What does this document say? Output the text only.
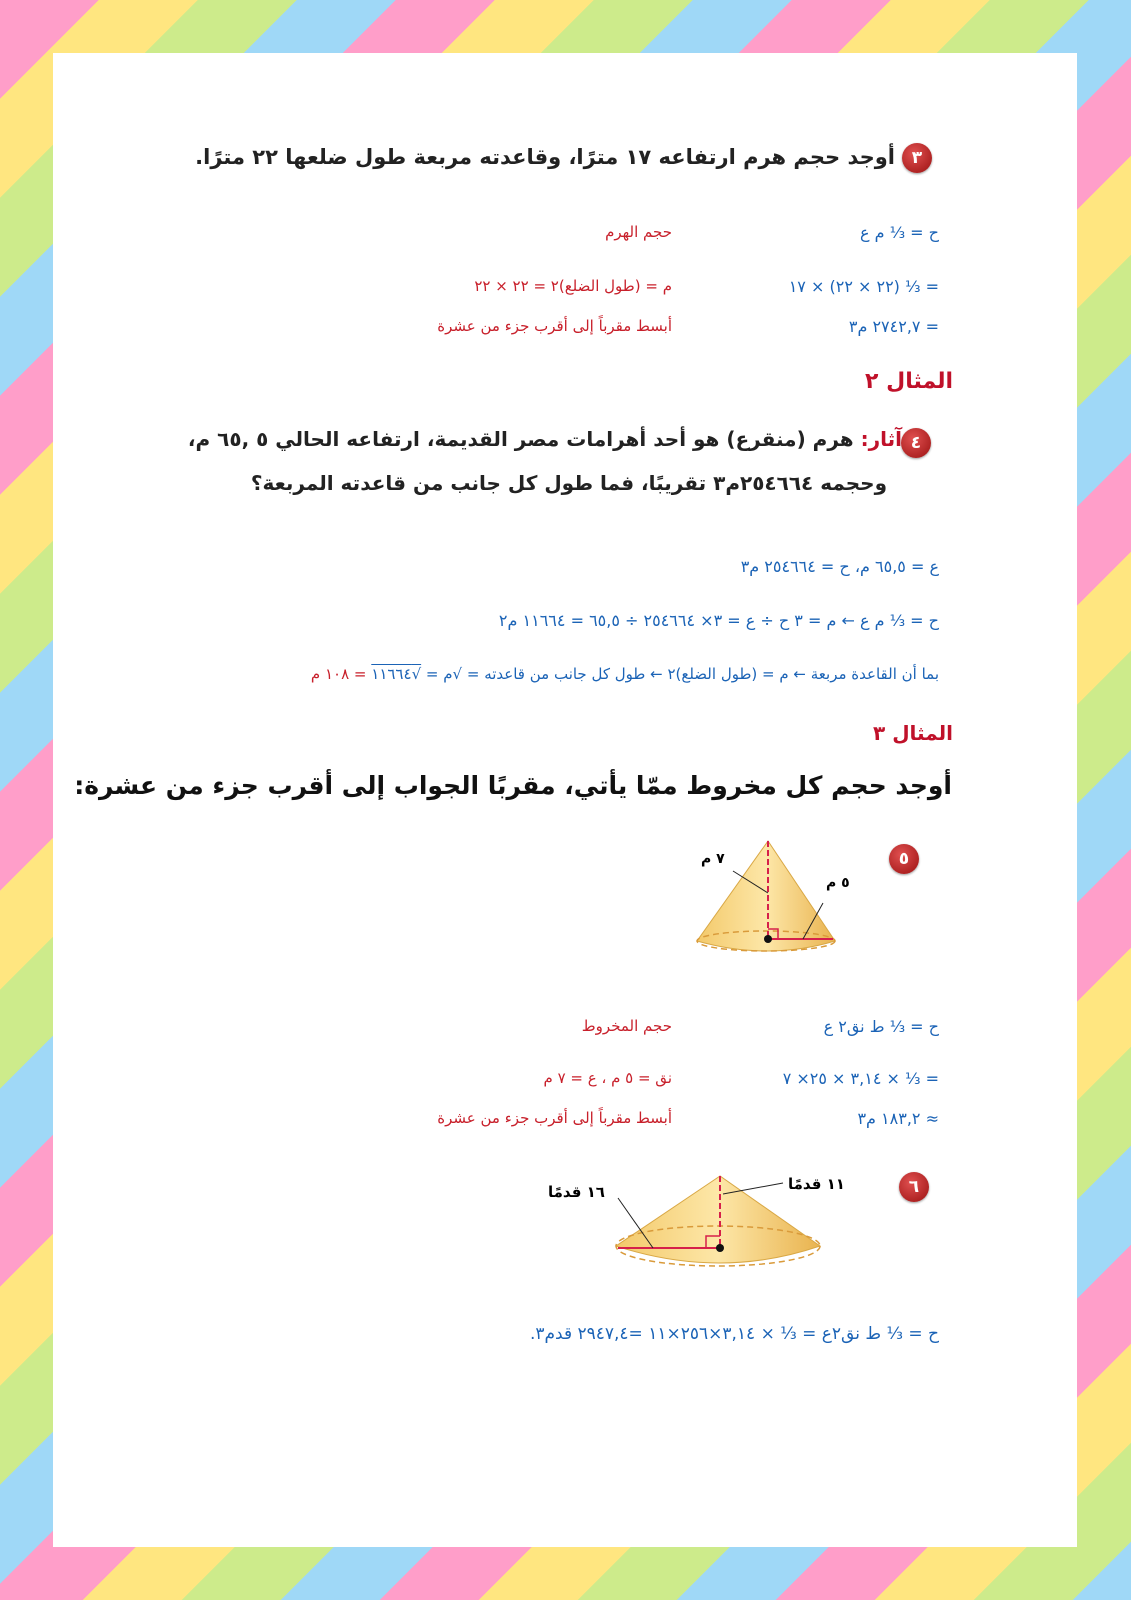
٣
أوجد حجم هرم ارتفاعه ١٧ مترًا، وقاعدته مربعة طول ضلعها ٢٢ مترًا.
ح = ⅓ م ع
حجم الهرم
= ⅓ (٢٢ × ٢٢) × ١٧
م = (طول الضلع)٢ = ٢٢ × ٢٢
= ٢٧٤٢,٧ م٣
أبسط مقرباً إلى أقرب جزء من عشرة
المثال ٢
٤
آثار: هرم (منقرع) هو أحد أهرامات مصر القديمة، ارتفاعه الحالي ٥ ,٦٥ م،
وحجمه ٢٥٤٦٦٤م٣ تقريبًا، فما طول كل جانب من قاعدته المربعة؟
ع = ٦٥,٥ م، ح = ٢٥٤٦٦٤ م٣
ح = ⅓ م ع ← م = ٣ ح ÷ ع = ٣× ٢٥٤٦٦٤ ÷ ٦٥,٥ = ١١٦٦٤ م٢
بما أن القاعدة مربعة ← م = (طول الضلع)٢ ← طول كل جانب من قاعدته = √م = √١١٦٦٤ = ١٠٨ م
المثال ٣
أوجد حجم كل مخروط ممّا يأتي، مقربًا الجواب إلى أقرب جزء من عشرة:
٥
٧ م
٥ م
ح = ⅓ ط نق٢ ع
حجم المخروط
= ⅓ × ٣,١٤ × ٢٥× ٧
نق = ٥ م ، ع = ٧ م
≈ ١٨٣,٢ م٣
أبسط مقرباً إلى أقرب جزء من عشرة
٦
١١ قدمًا
١٦ قدمًا
ح = ⅓ ط نق٢ع = ⅓ × ٣,١٤×٢٥٦×١١ =٢٩٤٧,٤ قدم٣.
